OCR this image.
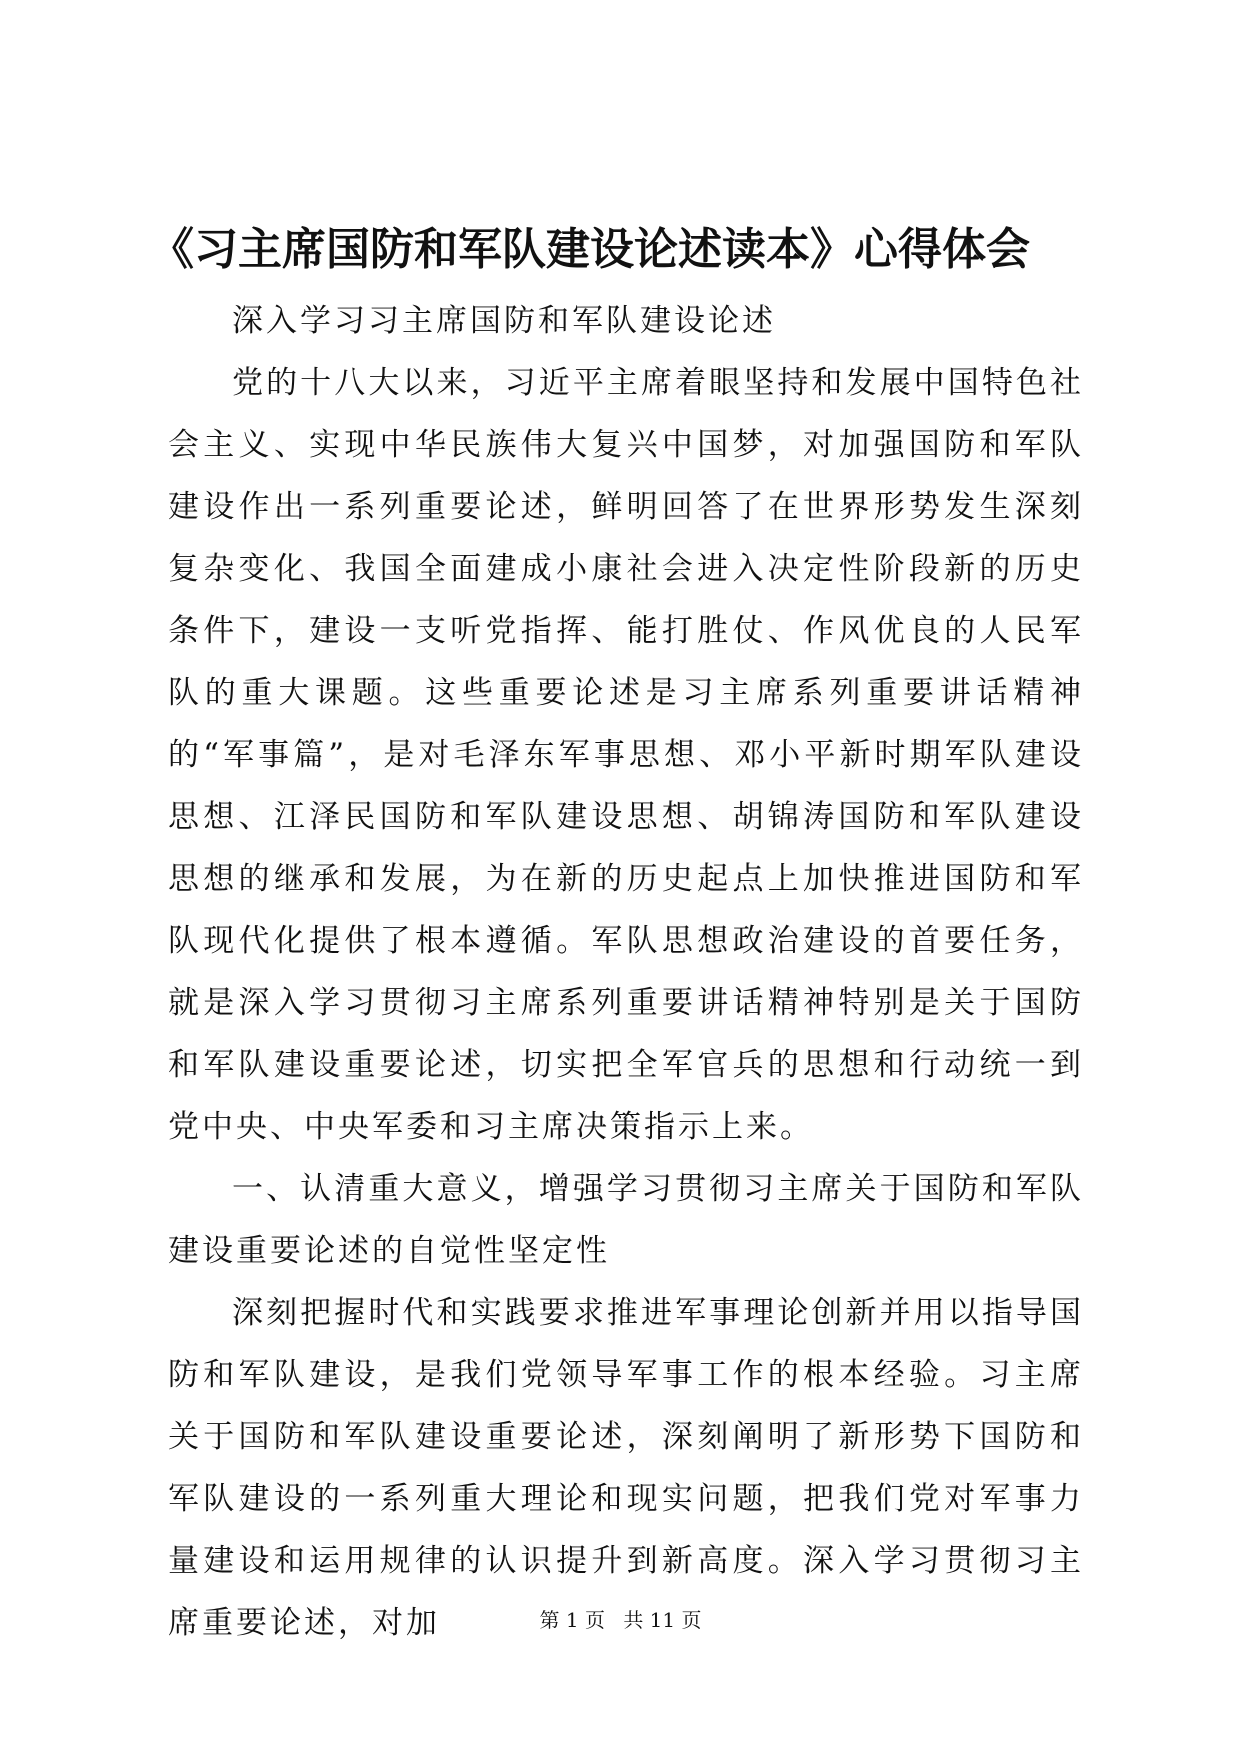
《习主席国防和军队建设论述读本》心得体会

深入学习习主席国防和军队建设论述

党的十八大以来，习近平主席着眼坚持和发展中国特色社会主义、实现中华民族伟大复兴中国梦，对加强国防和军队建设作出一系列重要论述，鲜明回答了在世界形势发生深刻复杂变化、我国全面建成小康社会进入决定性阶段新的历史条件下，建设一支听党指挥、能打胜仗、作风优良的人民军队的重大课题。这些重要论述是习主席系列重要讲话精神的“军事篇”，是对毛泽东军事思想、邓小平新时期军队建设思想、江泽民国防和军队建设思想、胡锦涛国防和军队建设思想的继承和发展，为在新的历史起点上加快推进国防和军队现代化提供了根本遵循。军队思想政治建设的首要任务，就是深入学习贯彻习主席系列重要讲话精神特别是关于国防和军队建设重要论述，切实把全军官兵的思想和行动统一到党中央、中央军委和习主席决策指示上来。

一、认清重大意义，增强学习贯彻习主席关于国防和军队建设重要论述的自觉性坚定性

深刻把握时代和实践要求推进军事理论创新并用以指导国防和军队建设，是我们党领导军事工作的根本经验。习主席关于国防和军队建设重要论述，深刻阐明了新形势下国防和军队建设的一系列重大理论和现实问题，把我们党对军事力量建设和运用规律的认识提升到新高度。深入学习贯彻习主席重要论述，对加	第 1 页 共 11 页
